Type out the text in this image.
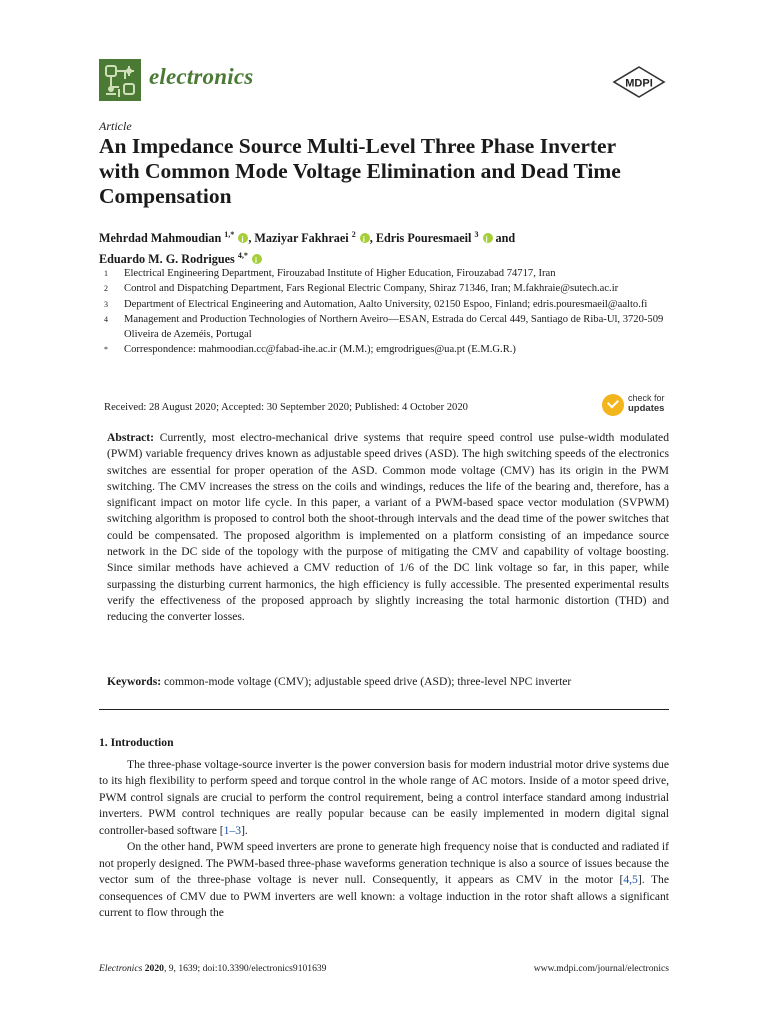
electronics	MDPI
Article
An Impedance Source Multi-Level Three Phase Inverter with Common Mode Voltage Elimination and Dead Time Compensation
Mehrdad Mahmoudian $^{1,*}$ i , Maziyar Fakhraei $^2$ i , Edris Pouresmaeil $^3$ i and
Eduardo M. G. Rodrigues $^{4,*}$ i
1	Electrical Engineering Department, Firouzabad Institute of Higher Education, Firouzabad 74717, Iran
2	Control and Dispatching Department, Fars Regional Electric Company, Shiraz 71346, Iran; M.fakhraie@sutech.ac.ir
3	Department of Electrical Engineering and Automation, Aalto University, 02150 Espoo, Finland; edris.pouresmaeil@aalto.fi
4	Management and Production Technologies of Northern Aveiro—ESAN, Estrada do Cercal 449, Santiago de Riba-Ul, 3720-509 Oliveira de Azeméis, Portugal
*	Correspondence: mahmoodian.cc@fabad-ihe.ac.ir (M.M.); emgrodrigues@ua.pt (E.M.G.R.)
Received: 28 August 2020; Accepted: 30 September 2020; Published: 4 October 2020
check for
updates
Abstract: Currently, most electro-mechanical drive systems that require speed control use pulse-width modulated (PWM) variable frequency drives known as adjustable speed drives (ASD). The high switching speeds of the electronics switches are essential for proper operation of the ASD. Common mode voltage (CMV) has its origin in the PWM switching. The CMV increases the stress on the coils and windings, reduces the life of the bearing and, therefore, has a significant impact on motor life cycle. In this paper, a variant of a PWM-based space vector modulation (SVPWM) switching algorithm is proposed to control both the shoot-through intervals and the dead time of the power switches that could be compensated. The proposed algorithm is implemented on a platform consisting of an impedance source network in the DC side of the topology with the purpose of mitigating the CMV and capability of voltage boosting. Since similar methods have achieved a CMV reduction of 1/6 of the DC link voltage so far, in this paper, while surpassing the disturbing current harmonics, the high efficiency is fully accessible. The presented experimental results verify the effectiveness of the proposed approach by slightly increasing the total harmonic distortion (THD) and reducing the converter losses.
Keywords: common-mode voltage (CMV); adjustable speed drive (ASD); three-level NPC inverter
1. Introduction

The three-phase voltage-source inverter is the power conversion basis for modern industrial motor drive systems due to its high flexibility to perform speed and torque control in the whole range of AC motors. Inside of a motor speed drive, PWM control signals are crucial to perform the control requirement, being a control interface standard among industrial inverters. PWM control techniques are really popular because can be easily implemented in modern digital signal controller-based software [1–3].

On the other hand, PWM speed inverters are prone to generate high frequency noise that is conducted and radiated if not properly designed. The PWM-based three-phase waveforms generation technique is also a source of issues because the vector sum of the three-phase voltage is never null. Consequently, it appears as CMV in the motor [4,5]. The consequences of CMV due to PWM inverters are well known: a voltage induction in the rotor shaft allows a significant current to flow through the

Electronics 2020, 9, 1639; doi:10.3390/electronics9101639	www.mdpi.com/journal/electronics
